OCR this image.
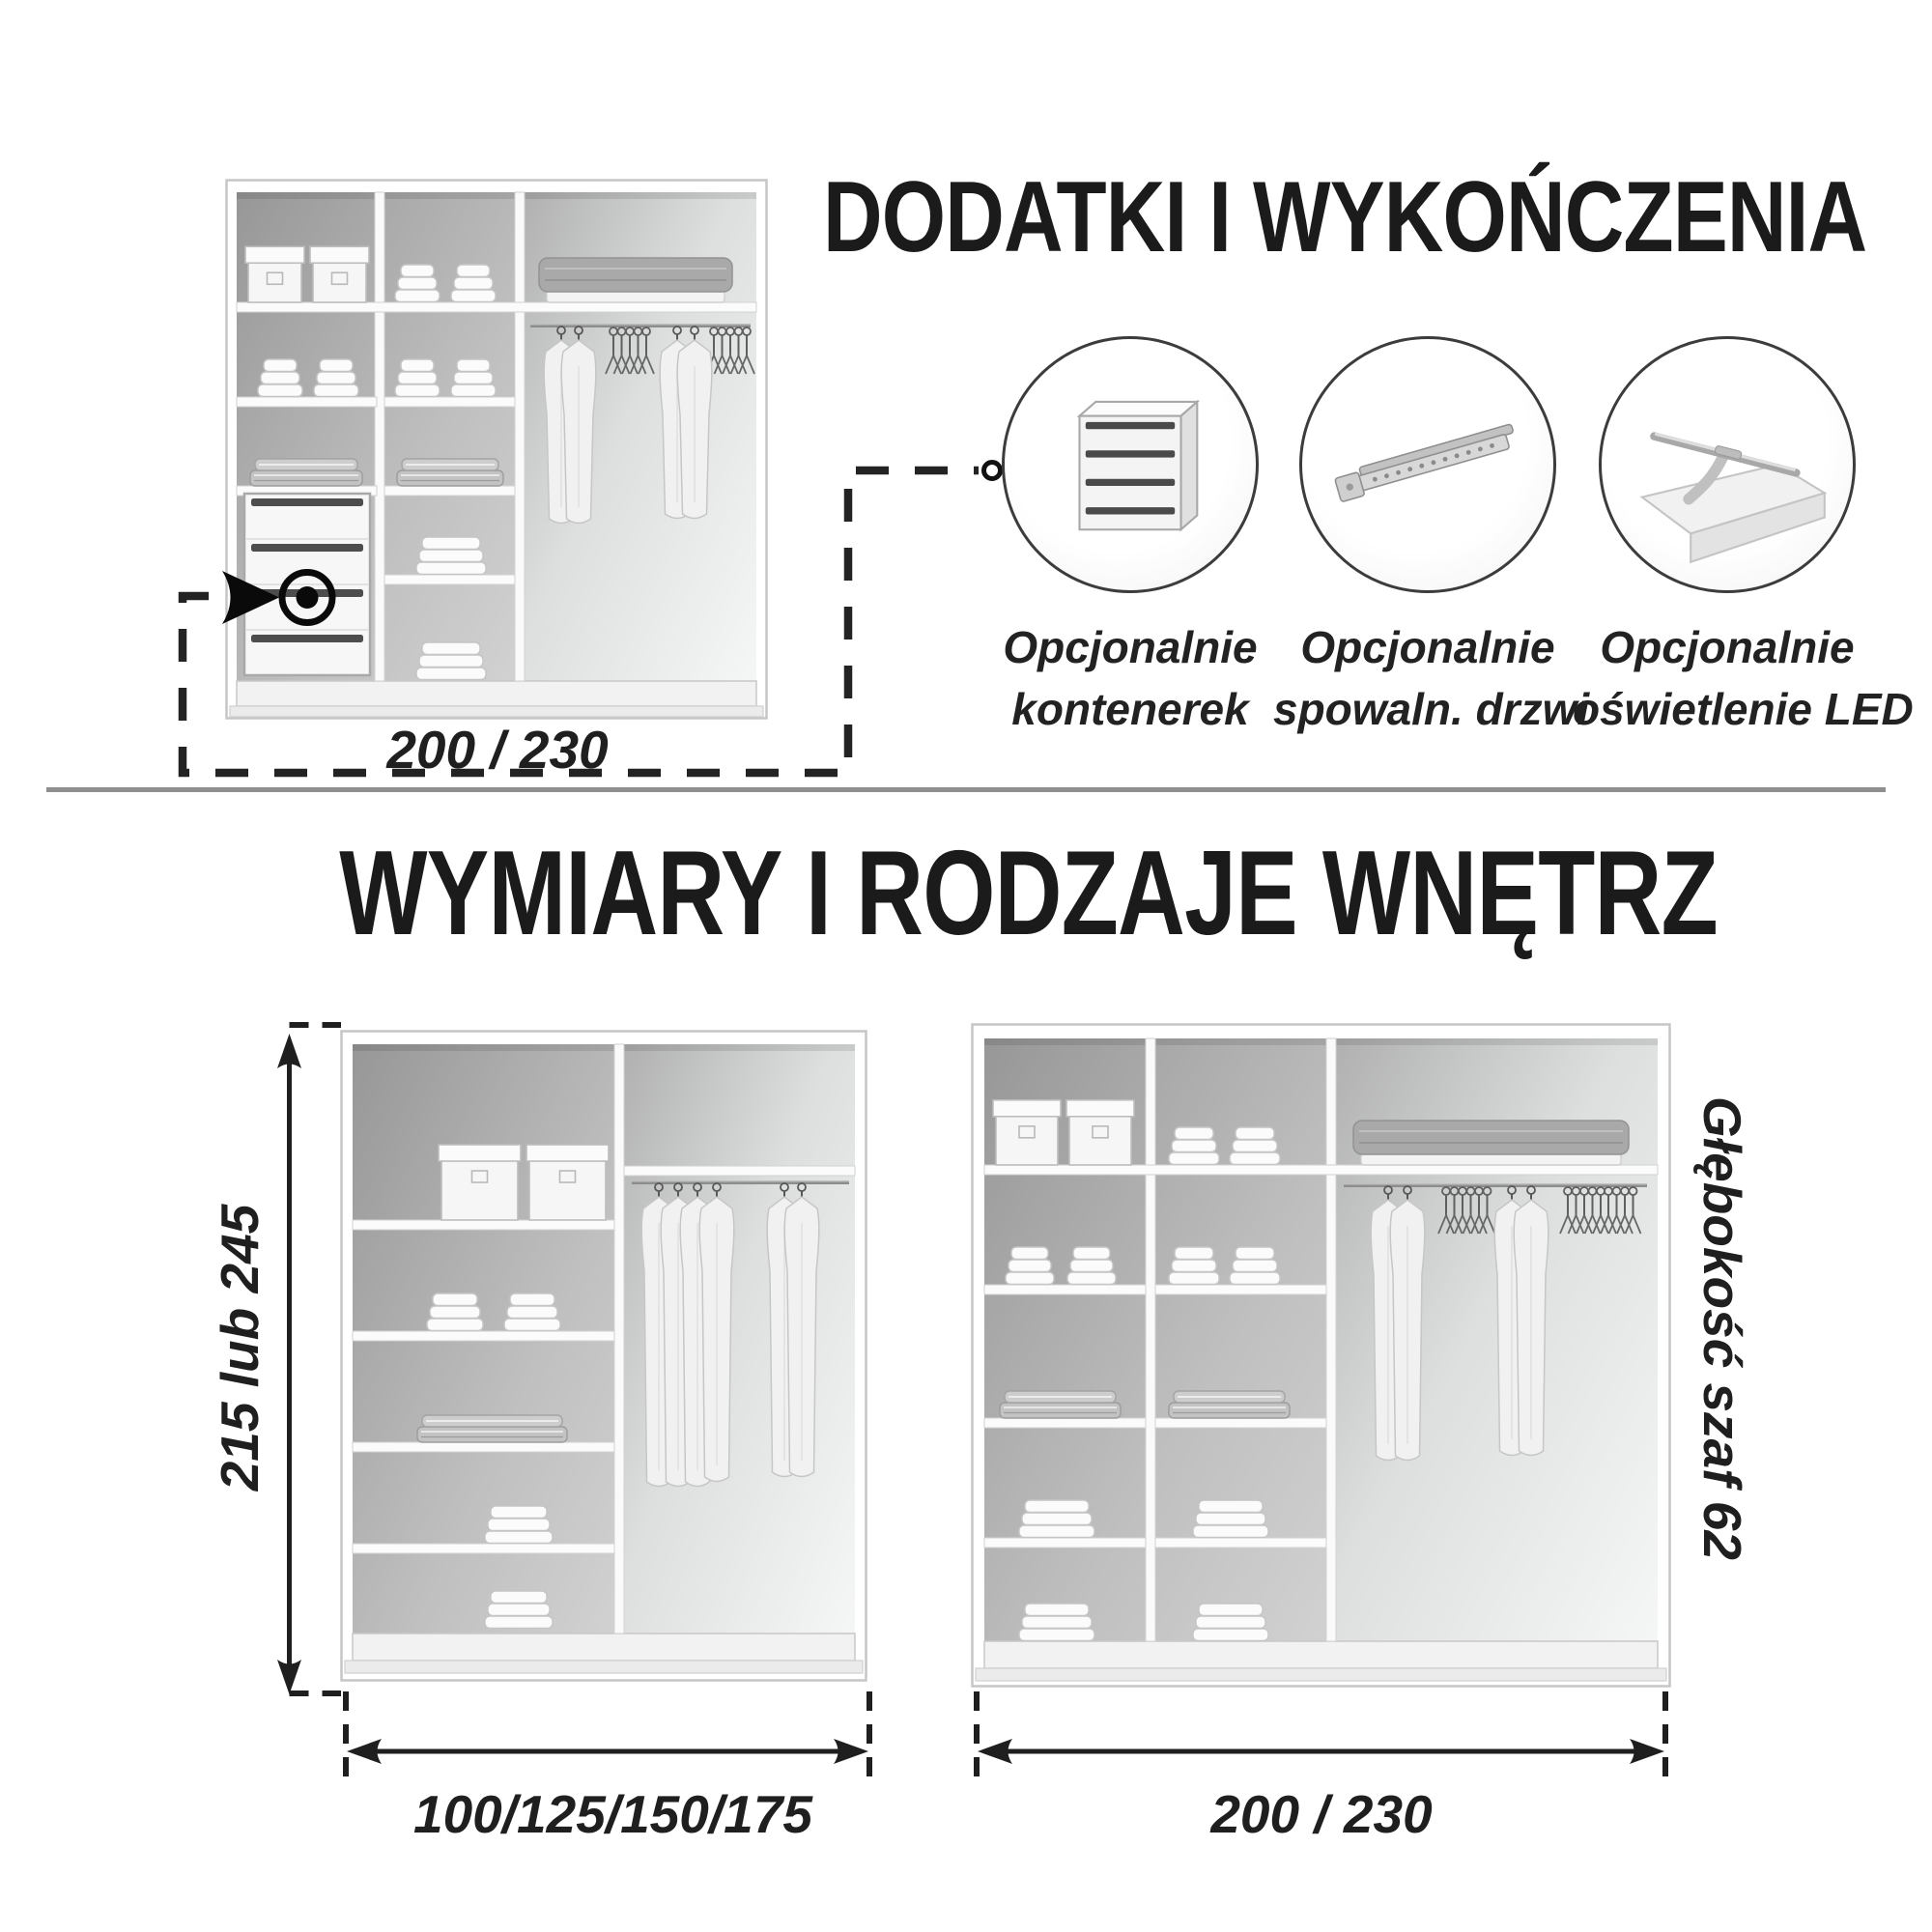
DODATKI I WYKOŃCZENIA
WYMIARY I RODZAJE WNĘTRZ
200 / 230
Opcjonalnie
kontenerek
Opcjonalnie
spowaln. drzwi
Opcjonalnie
oświetlenie LED
215 lub 245
100/125/150/175	200 / 230
Głębokość szaf 62
